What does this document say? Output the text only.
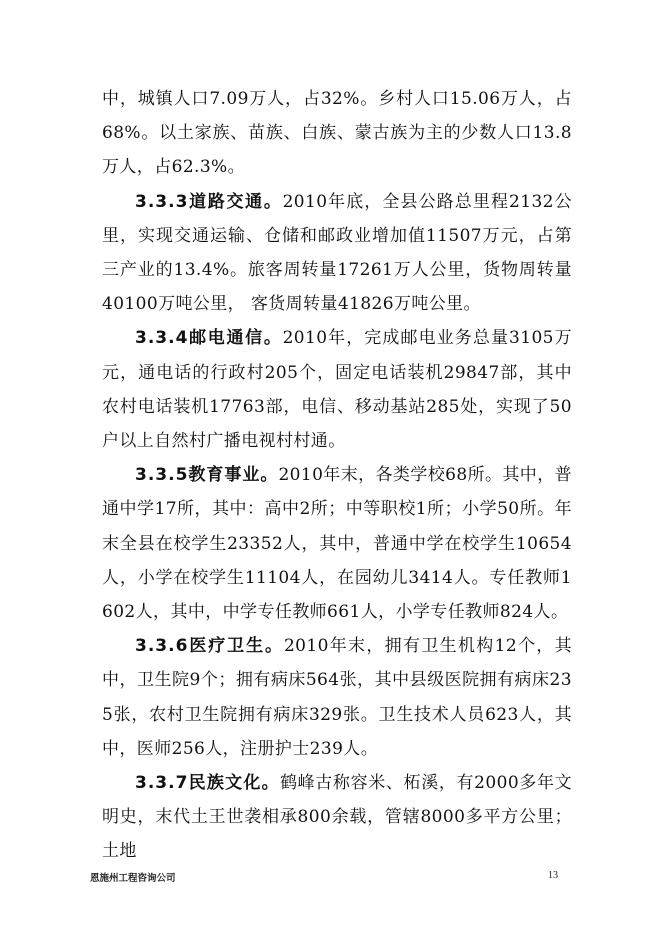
中，城镇人口7.09万人，占32%。乡村人口15.06万人，占68%。以土家族、苗族、白族、蒙古族为主的少数人口13.8万人，占62.3%。

3.3.3道路交通。2010年底，全县公路总里程2132公里，实现交通运输、仓储和邮政业增加值11507万元，占第三产业的13.4%。旅客周转量17261万人公里，货物周转量40100万吨公里， 客货周转量41826万吨公里。

3.3.4邮电通信。2010年，完成邮电业务总量3105万元，通电话的行政村205个，固定电话装机29847部，其中农村电话装机17763部，电信、移动基站285处，实现了50户以上自然村广播电视村村通。

3.3.5教育事业。2010年末，各类学校68所。其中，普通中学17所，其中：高中2所；中等职校1所；小学50所。年末全县在校学生23352人，其中，普通中学在校学生10654人，小学在校学生11104人，在园幼儿3414人。专任教师1602人，其中，中学专任教师661人，小学专任教师824人。

3.3.6医疗卫生。2010年末，拥有卫生机构12个，其中，卫生院9个；拥有病床564张，其中县级医院拥有病床235张，农村卫生院拥有病床329张。卫生技术人员623人，其中，医师256人，注册护士239人。

3.3.7民族文化。鹤峰古称容米、柘溪，有2000多年文明史，末代土王世袭相承800余载，管辖8000多平方公里；土地

恩施州工程咨询公司	13
